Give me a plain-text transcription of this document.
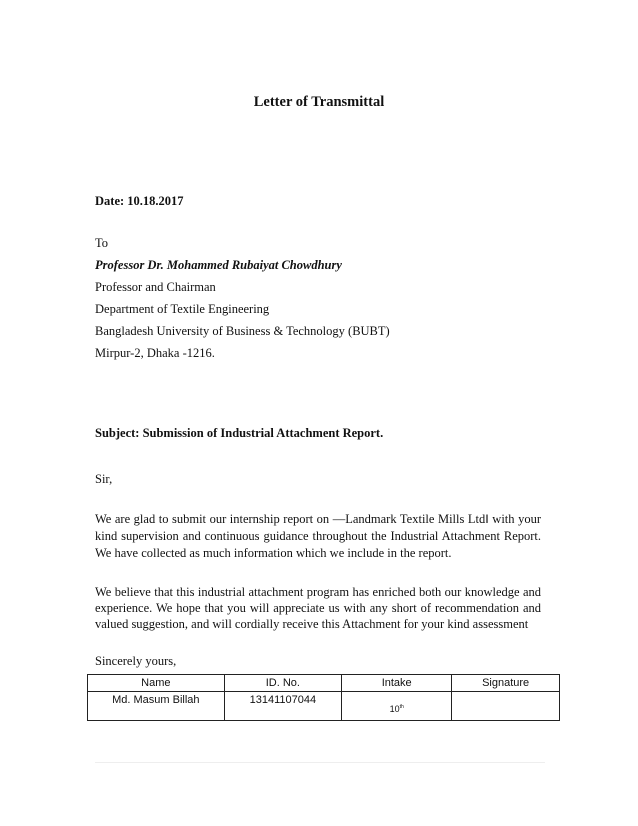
Letter of Transmittal
Date: 10.18.2017
To
Professor Dr. Mohammed Rubaiyat Chowdhury
Professor and Chairman
Department of Textile Engineering
Bangladesh University of Business & Technology (BUBT)
Mirpur-2, Dhaka -1216.
Subject: Submission of Industrial Attachment Report.
Sir,
We are glad to submit our internship report on ―Landmark Textile Mills Ltd‖ with your kind supervision and continuous guidance throughout the Industrial Attachment Report. We have collected as much information which we include in the report.
We believe that this industrial attachment program has enriched both our knowledge and experience. We hope that you will appreciate us with any short of recommendation and valued suggestion, and will cordially receive this Attachment for your kind assessment
Sincerely yours,
Name	ID. No.	Intake	Signature
Md. Masum Billah	13141107044	10th	
